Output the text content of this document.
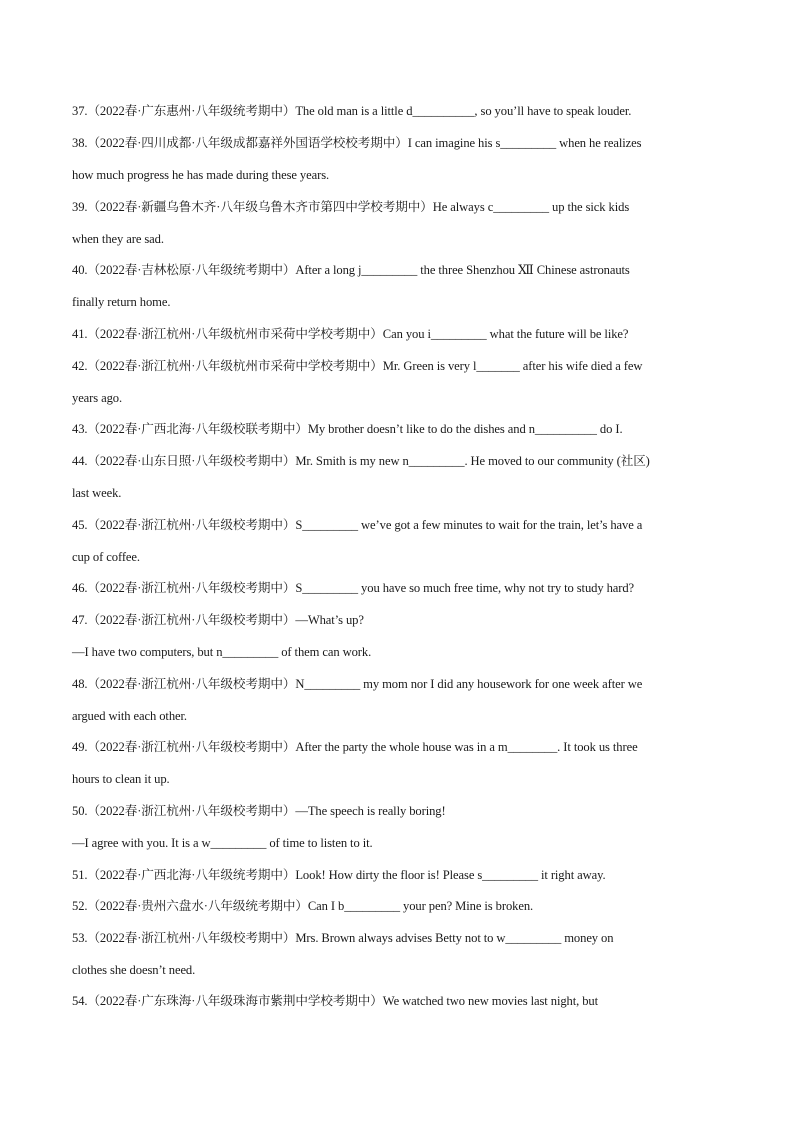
37.（2022春·广东惠州·八年级统考期中）The old man is a little d__________, so you’ll have to speak louder.
38.（2022春·四川成都·八年级成都嘉祥外国语学校校考期中）I can imagine his s_________ when he realizes
how much progress he has made during these years.
39.（2022春·新疆乌鲁木齐·八年级乌鲁木齐市第四中学校考期中）He always c_________ up the sick kids
when they are sad.
40.（2022春·吉林松原·八年级统考期中）After a long j_________ the three Shenzhou Ⅻ Chinese astronauts
finally return home.
41.（2022春·浙江杭州·八年级杭州市采荷中学校考期中）Can you i_________ what the future will be like?
42.（2022春·浙江杭州·八年级杭州市采荷中学校考期中）Mr. Green is very l_______ after his wife died a few
years ago.
43.（2022春·广西北海·八年级校联考期中）My brother doesn’t like to do the dishes and n__________ do I.
44.（2022春·山东日照·八年级校考期中）Mr. Smith is my new n_________. He moved to our community (社区)
last week.
45.（2022春·浙江杭州·八年级校考期中）S_________ we’ve got a few minutes to wait for the train, let’s have a
cup of coffee.
46.（2022春·浙江杭州·八年级校考期中）S_________ you have so much free time, why not try to study hard?
47.（2022春·浙江杭州·八年级校考期中）—What’s up?
—I have two computers, but n_________ of them can work.
48.（2022春·浙江杭州·八年级校考期中）N_________ my mom nor I did any housework for one week after we
argued with each other.
49.（2022春·浙江杭州·八年级校考期中）After the party the whole house was in a m________. It took us three
hours to clean it up.
50.（2022春·浙江杭州·八年级校考期中）—The speech is really boring!
—I agree with you. It is a w_________ of time to listen to it.
51.（2022春·广西北海·八年级统考期中）Look! How dirty the floor is! Please s_________ it right away.
52.（2022春·贵州六盘水·八年级统考期中）Can I b_________ your pen? Mine is broken.
53.（2022春·浙江杭州·八年级校考期中）Mrs. Brown always advises Betty not to w_________ money on
clothes she doesn’t need.
54.（2022春·广东珠海·八年级珠海市紫荆中学校考期中）We watched two new movies last night, but
